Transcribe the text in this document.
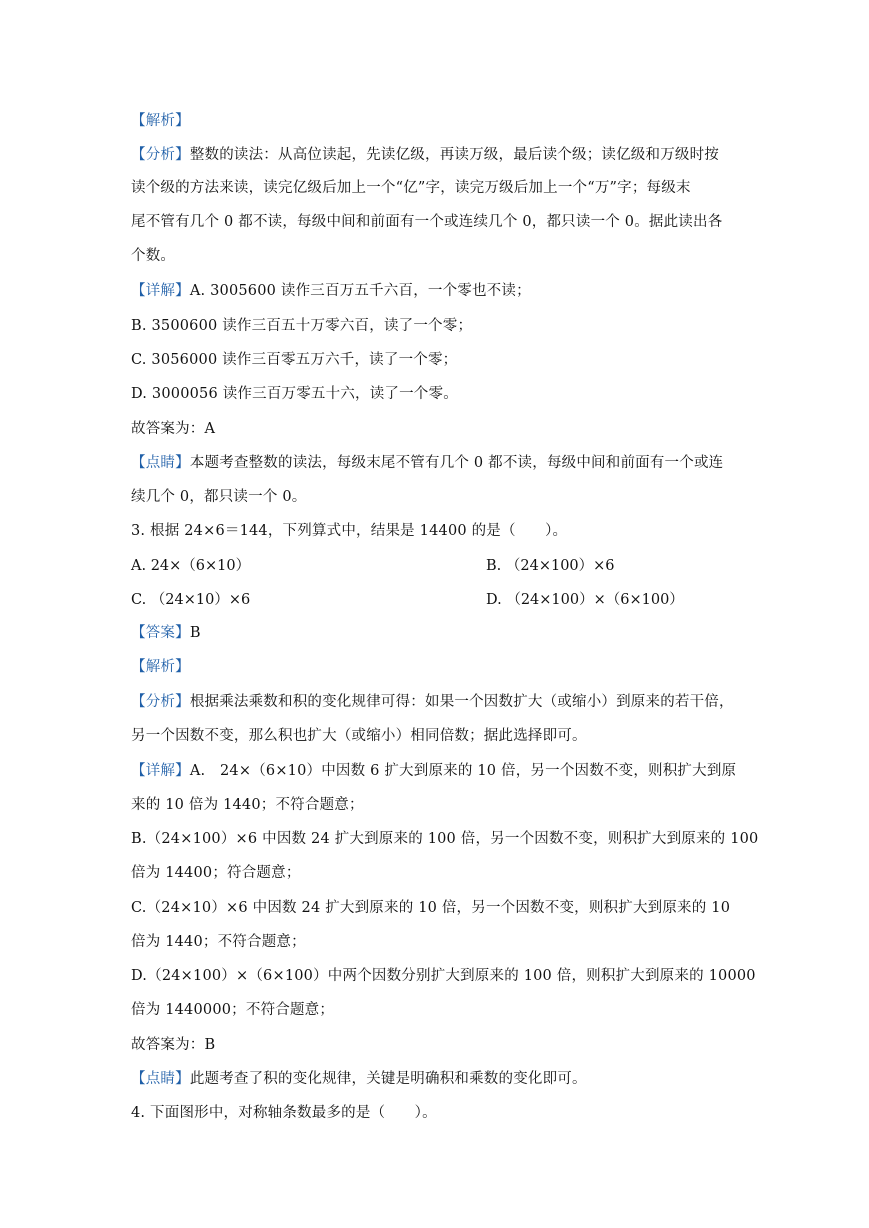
【解析】
【分析】整数的读法：从高位读起，先读亿级，再读万级，最后读个级；读亿级和万级时按
读个级的方法来读，读完亿级后加上一个“亿”字，读完万级后加上一个“万”字；每级末
尾不管有几个 0 都不读，每级中间和前面有一个或连续几个 0，都只读一个 0。据此读出各
个数。
【详解】A. 3005600 读作三百万五千六百，一个零也不读；
B. 3500600 读作三百五十万零六百，读了一个零；
C. 3056000 读作三百零五万六千，读了一个零；
D. 3000056 读作三百万零五十六，读了一个零。
故答案为：A
【点睛】本题考查整数的读法，每级末尾不管有几个 0 都不读，每级中间和前面有一个或连
续几个 0，都只读一个 0。
3. 根据 24×6＝144，下列算式中，结果是 14400 的是（　　）。
A. 24×（6×10）	B. （24×100）×6
C. （24×10）×6	D. （24×100）×（6×100）
【答案】B
【解析】
【分析】根据乘法乘数和积的变化规律可得：如果一个因数扩大（或缩小）到原来的若干倍，
另一个因数不变，那么积也扩大（或缩小）相同倍数；据此选择即可。
【详解】A.　24×（6×10）中因数 6 扩大到原来的 10 倍，另一个因数不变，则积扩大到原
来的 10 倍为 1440；不符合题意；
B.（24×100）×6 中因数 24 扩大到原来的 100 倍，另一个因数不变，则积扩大到原来的 100
倍为 14400；符合题意；
C.（24×10）×6 中因数 24 扩大到原来的 10 倍，另一个因数不变，则积扩大到原来的 10
倍为 1440；不符合题意；
D.（24×100）×（6×100）中两个因数分别扩大到原来的 100 倍，则积扩大到原来的 10000
倍为 1440000；不符合题意；
故答案为：B
【点睛】此题考查了积的变化规律，关键是明确积和乘数的变化即可。
4. 下面图形中，对称轴条数最多的是（　　）。
